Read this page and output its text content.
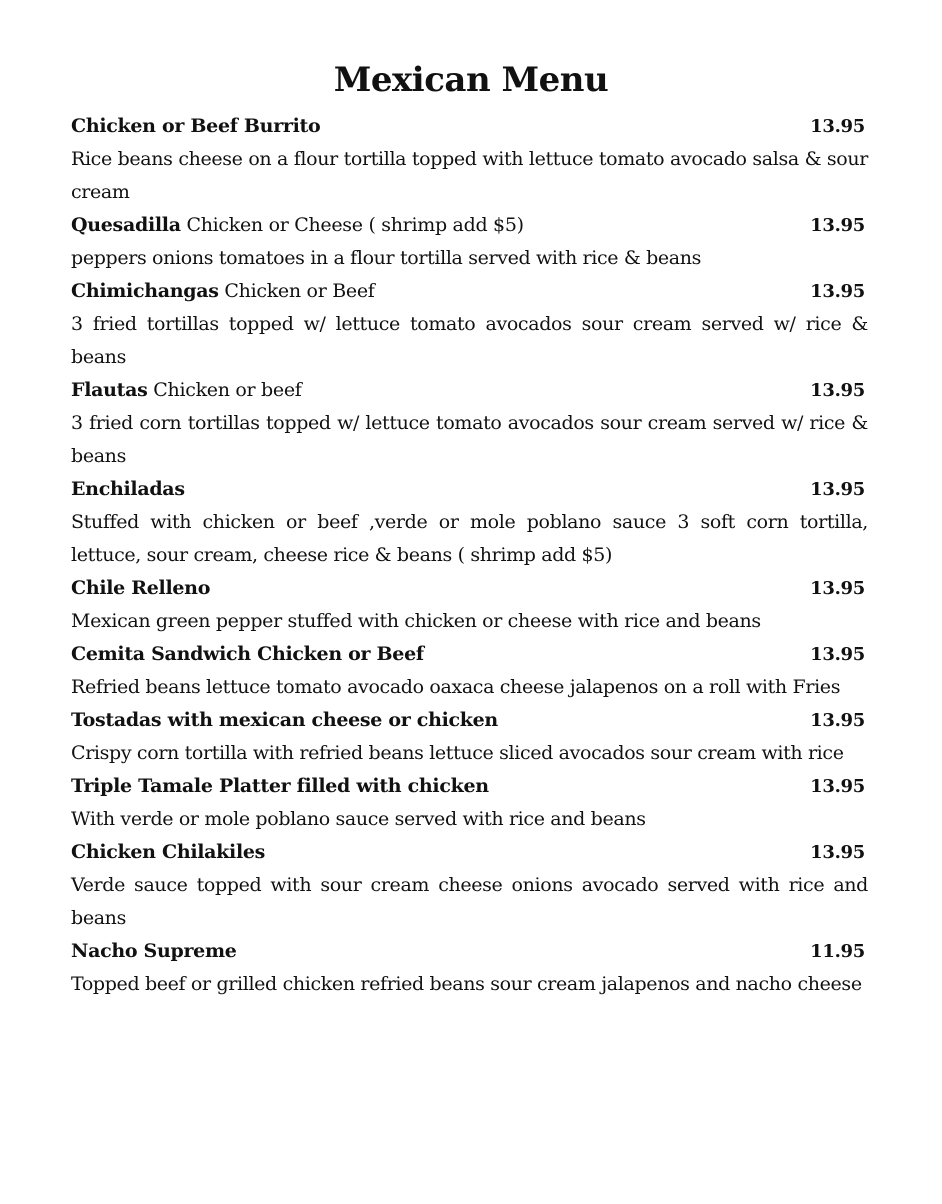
Mexican Menu
Chicken or Beef Burrito	13.95

Rice beans cheese on a flour tortilla topped with lettuce tomato avocado salsa & sour cream

Quesadilla Chicken or Cheese ( shrimp add $5)	13.95

peppers onions tomatoes in a flour tortilla served with rice & beans

Chimichangas Chicken or Beef	13.95

3 fried tortillas topped w/ lettuce tomato avocados sour cream served w/ rice & beans

Flautas Chicken or beef	13.95

3 fried corn tortillas topped w/ lettuce tomato avocados sour cream served w/ rice & beans

Enchiladas	13.95

Stuffed with chicken or beef ,verde or mole poblano sauce 3 soft corn tortilla, lettuce, sour cream, cheese rice & beans ( shrimp add $5)

Chile Relleno	13.95

Mexican green pepper stuffed with chicken or cheese with rice and beans

Cemita Sandwich Chicken or Beef	13.95

Refried beans lettuce tomato avocado oaxaca cheese jalapenos on a roll with Fries

Tostadas with mexican cheese or chicken	13.95

Crispy corn tortilla with refried beans lettuce sliced avocados sour cream with rice

Triple Tamale Platter filled with chicken	13.95

With verde or mole poblano sauce served with rice and beans

Chicken Chilakiles	13.95

Verde sauce topped with sour cream cheese onions avocado served with rice and beans

Nacho Supreme	11.95

Topped beef or grilled chicken refried beans sour cream jalapenos and nacho cheese
